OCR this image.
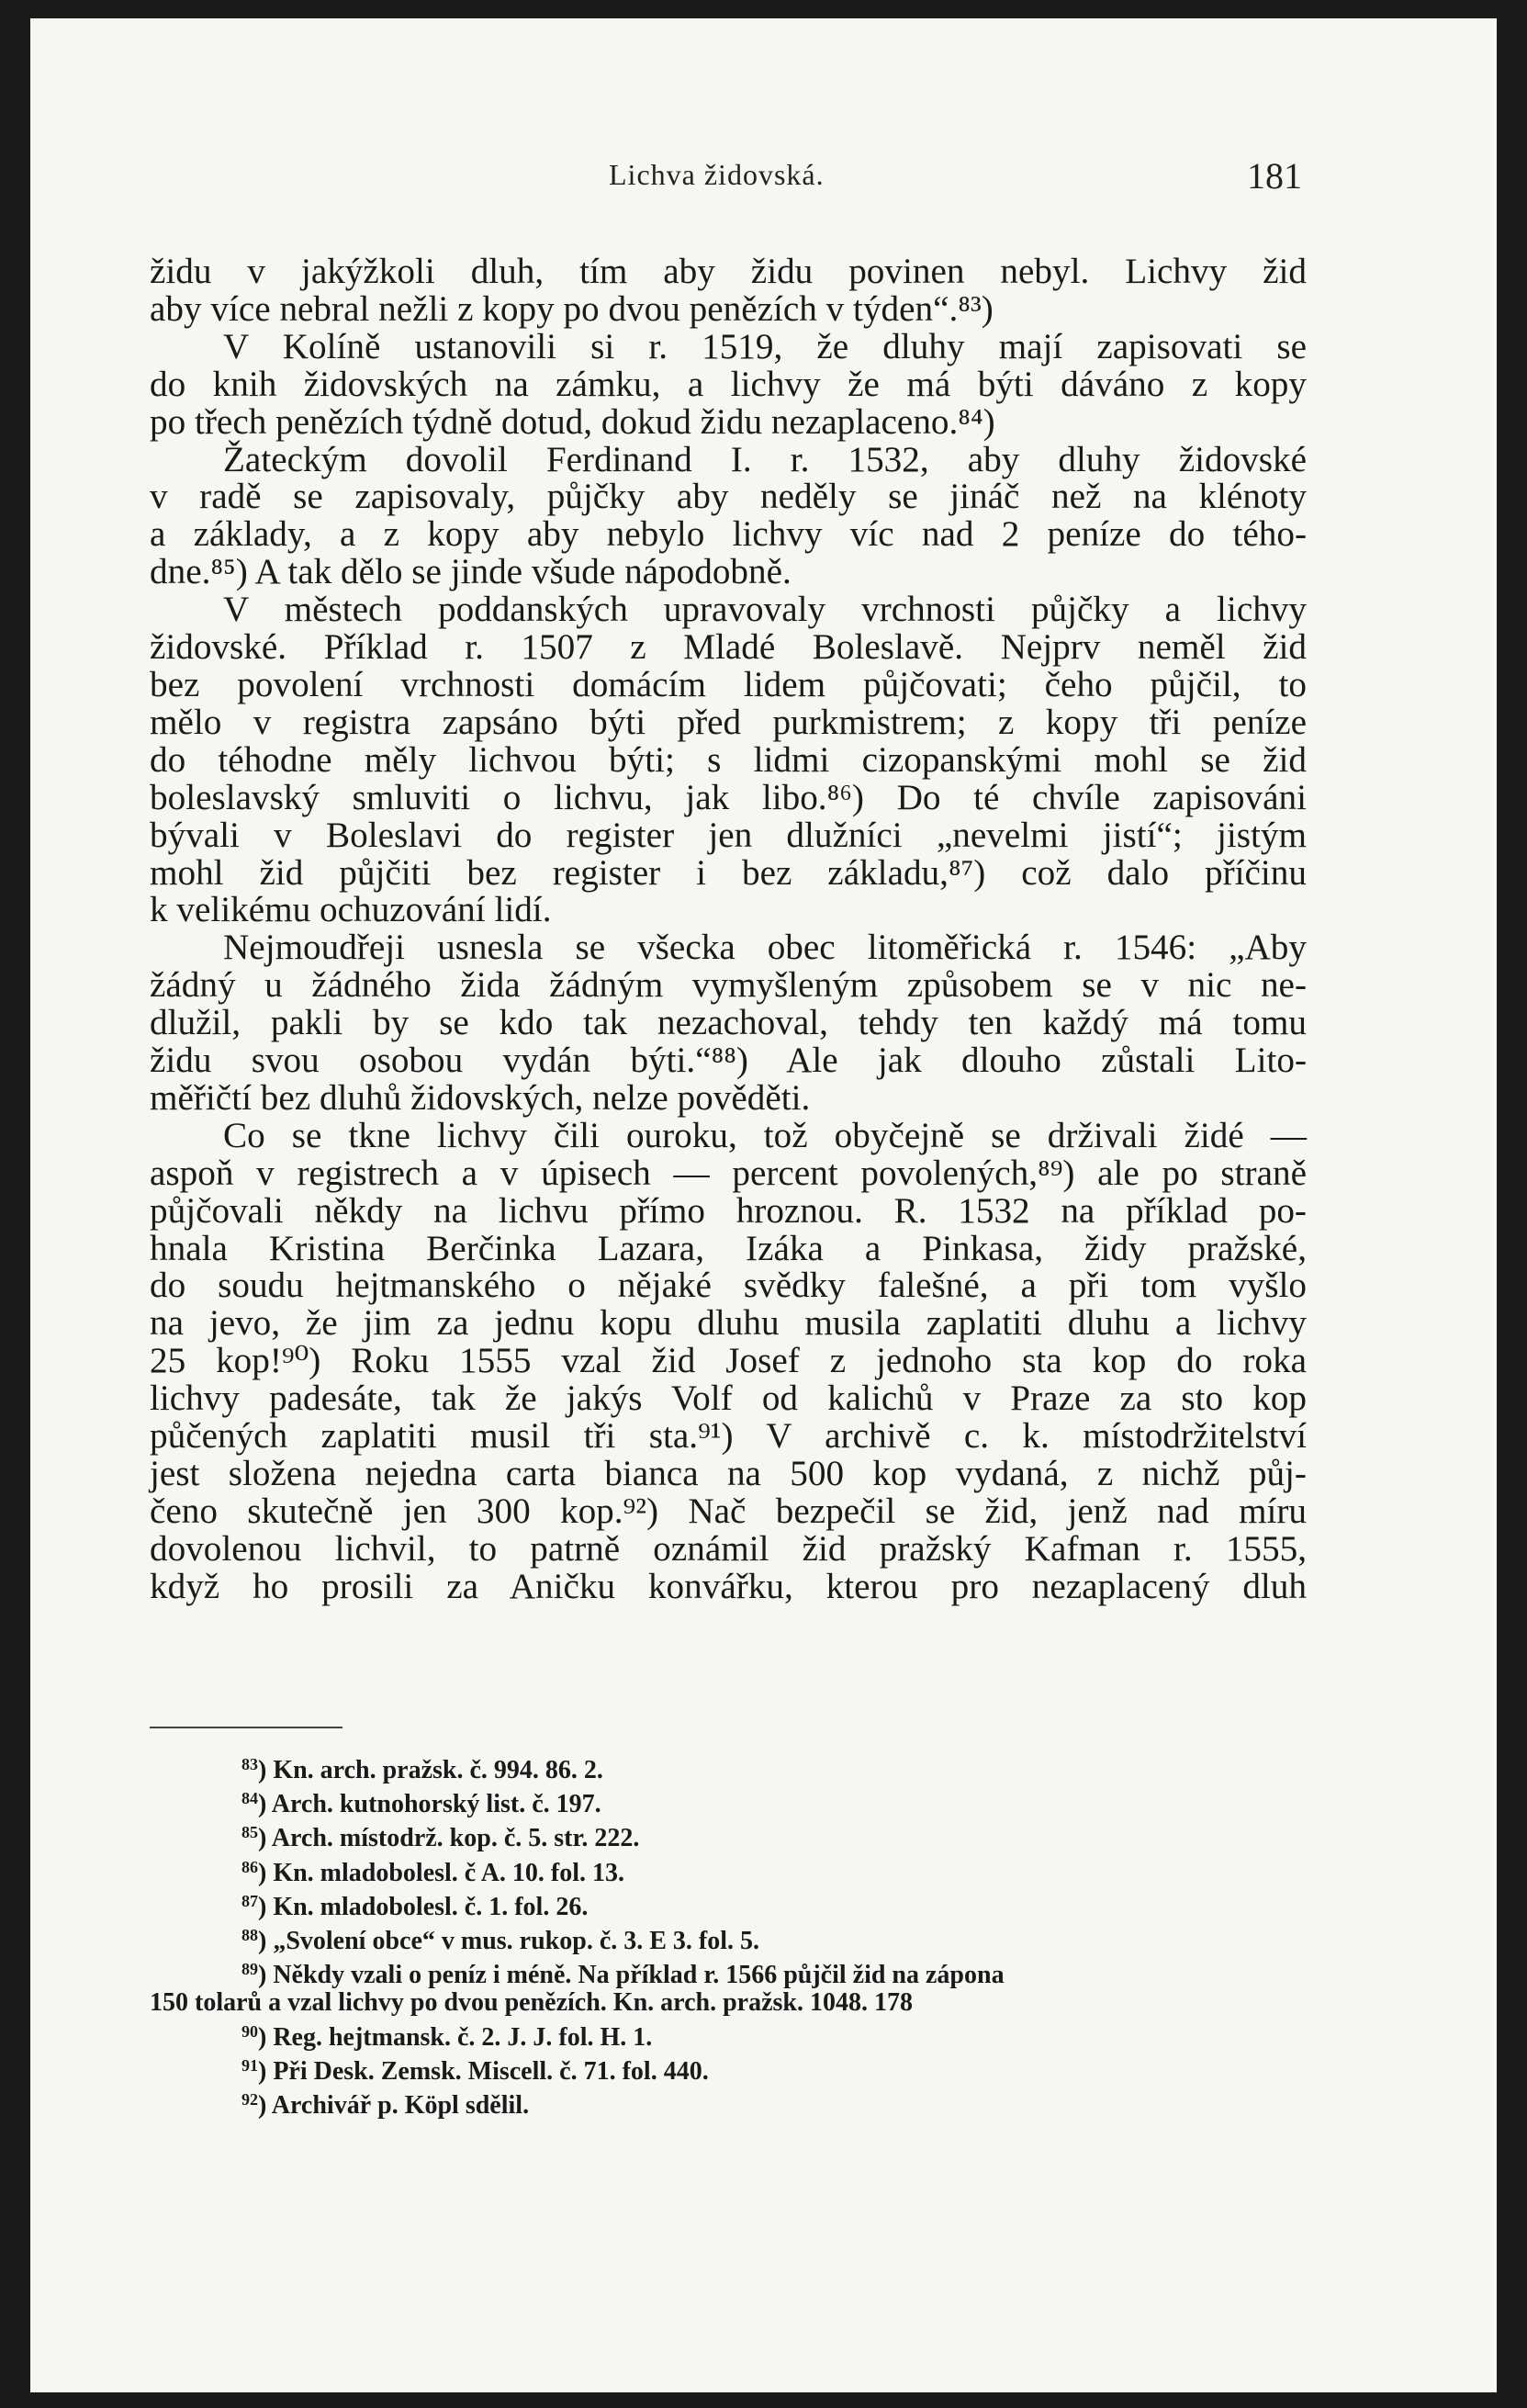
Lichva židovská.	181

židu v jakýžkoli dluh, tím aby židu povinen nebyl. Lichvy žid
aby více nebral nežli z kopy po dvou penězích v týden“.⁸³)
V Kolíně ustanovili si r. 1519, že dluhy mají zapisovati se
do knih židovských na zámku, a lichvy že má býti dáváno z kopy
po třech penězích týdně dotud, dokud židu nezaplaceno.⁸⁴)
Žateckým dovolil Ferdinand I. r. 1532, aby dluhy židovské
v radě se zapisovaly, půjčky aby neděly se jináč než na klénoty
a základy, a z kopy aby nebylo lichvy víc nad 2 peníze do tého-
dne.⁸⁵) A tak dělo se jinde všude nápodobně.
V městech poddanských upravovaly vrchnosti půjčky a lichvy
židovské. Příklad r. 1507 z Mladé Boleslavě. Nejprv neměl žid
bez povolení vrchnosti domácím lidem půjčovati; čeho půjčil, to
mělo v registra zapsáno býti před purkmistrem; z kopy tři peníze
do téhodne měly lichvou býti; s lidmi cizopanskými mohl se žid
boleslavský smluviti o lichvu, jak libo.⁸⁶) Do té chvíle zapisováni
bývali v Boleslavi do register jen dlužníci „nevelmi jistí“; jistým
mohl žid půjčiti bez register i bez základu,⁸⁷) což dalo příčinu
k velikému ochuzování lidí.
Nejmoudřeji usnesla se všecka obec litoměřická r. 1546: „Aby
žádný u žádného žida žádným vymyšleným způsobem se v nic ne-
dlužil, pakli by se kdo tak nezachoval, tehdy ten každý má tomu
židu svou osobou vydán býti.“⁸⁸) Ale jak dlouho zůstali Lito-
měřičtí bez dluhů židovských, nelze pověděti.
Co se tkne lichvy čili ouroku, tož obyčejně se drživali židé —
aspoň v registrech a v úpisech — percent povolených,⁸⁹) ale po straně
půjčovali někdy na lichvu přímo hroznou. R. 1532 na příklad po-
hnala Kristina Berčinka Lazara, Izáka a Pinkasa, židy pražské,
do soudu hejtmanského o nějaké svědky falešné, a při tom vyšlo
na jevo, že jim za jednu kopu dluhu musila zaplatiti dluhu a lichvy
25 kop!⁹⁰) Roku 1555 vzal žid Josef z jednoho sta kop do roka
lichvy padesáte, tak že jakýs Volf od kalichů v Praze za sto kop
půčených zaplatiti musil tři sta.⁹¹) V archivě c. k. místodržitelství
jest složena nejedna carta bianca na 500 kop vydaná, z nichž půj-
čeno skutečně jen 300 kop.⁹²) Nač bezpečil se žid, jenž nad míru
dovolenou lichvil, to patrně oznámil žid pražský Kafman r. 1555,
když ho prosili za Aničku konvářku, kterou pro nezaplacený dluh

$^{83}$) Kn. arch. pražsk. č. 994. 86. 2.
$^{84}$) Arch. kutnohorský list. č. 197.
$^{85}$) Arch. místodrž. kop. č. 5. str. 222.
$^{86}$) Kn. mladobolesl. č A. 10. fol. 13.
$^{87}$) Kn. mladobolesl. č. 1. fol. 26.
$^{88}$) „Svolení obce“ v mus. rukop. č. 3. E 3. fol. 5.
$^{89}$) Někdy vzali o peníz i méně. Na příklad r. 1566 půjčil žid na zápona
150 tolarů a vzal lichvy po dvou penězích. Kn. arch. pražsk. 1048. 178
$^{90}$) Reg. hejtmansk. č. 2. J. J. fol. H. 1.
$^{91}$) Při Desk. Zemsk. Miscell. č. 71. fol. 440.
$^{92}$) Archivář p. Köpl sdělil.
